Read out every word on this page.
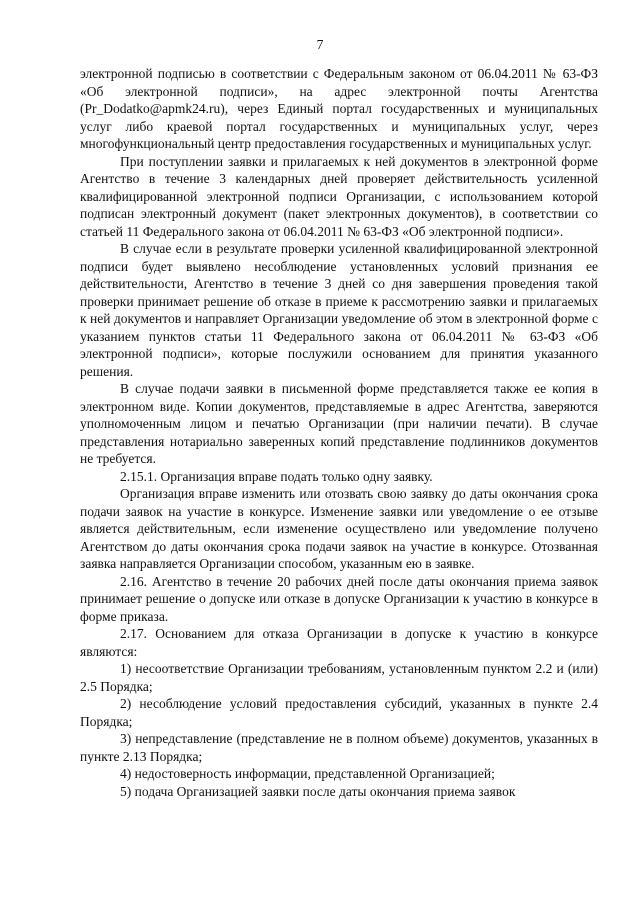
7

электронной подписью в соответствии с Федеральным законом от 06.04.2011 № 63-ФЗ «Об электронной подписи», на адрес электронной почты Агентства (Pr_Dodatko@apmk24.ru), через Единый портал государственных и муниципальных услуг либо краевой портал государственных и муниципальных услуг, через многофункциональный центр предоставления государственных и муниципальных услуг.

При поступлении заявки и прилагаемых к ней документов в электронной форме Агентство в течение 3 календарных дней проверяет действительность усиленной квалифицированной электронной подписи Организации, с использованием которой подписан электронный документ (пакет электронных документов), в соответствии со статьей 11 Федерального закона от 06.04.2011 № 63-ФЗ «Об электронной подписи».

В случае если в результате проверки усиленной квалифицированной электронной подписи будет выявлено несоблюдение установленных условий признания ее действительности, Агентство в течение 3 дней со дня завершения проведения такой проверки принимает решение об отказе в приеме к рассмотрению заявки и прилагаемых к ней документов и направляет Организации уведомление об этом в электронной форме с указанием пунктов статьи 11 Федерального закона от 06.04.2011 № 63-ФЗ «Об электронной подписи», которые послужили основанием для принятия указанного решения.

В случае подачи заявки в письменной форме представляется также ее копия в электронном виде. Копии документов, представляемые в адрес Агентства, заверяются уполномоченным лицом и печатью Организации (при наличии печати). В случае представления нотариально заверенных копий представление подлинников документов не требуется.

2.15.1. Организация вправе подать только одну заявку.

Организация вправе изменить или отозвать свою заявку до даты окончания срока подачи заявок на участие в конкурсе. Изменение заявки или уведомление о ее отзыве является действительным, если изменение осуществлено или уведомление получено Агентством до даты окончания срока подачи заявок на участие в конкурсе. Отозванная заявка направляется Организации способом, указанным ею в заявке.

2.16. Агентство в течение 20 рабочих дней после даты окончания приема заявок принимает решение о допуске или отказе в допуске Организации к участию в конкурсе в форме приказа.

2.17. Основанием для отказа Организации в допуске к участию в конкурсе являются:

1) несоответствие Организации требованиям, установленным пунктом 2.2 и (или) 2.5 Порядка;

2) несоблюдение условий предоставления субсидий, указанных в пункте 2.4 Порядка;

3) непредставление (представление не в полном объеме) документов, указанных в пункте 2.13 Порядка;

4) недостоверность информации, представленной Организацией;

5) подача Организацией заявки после даты окончания приема заявок
